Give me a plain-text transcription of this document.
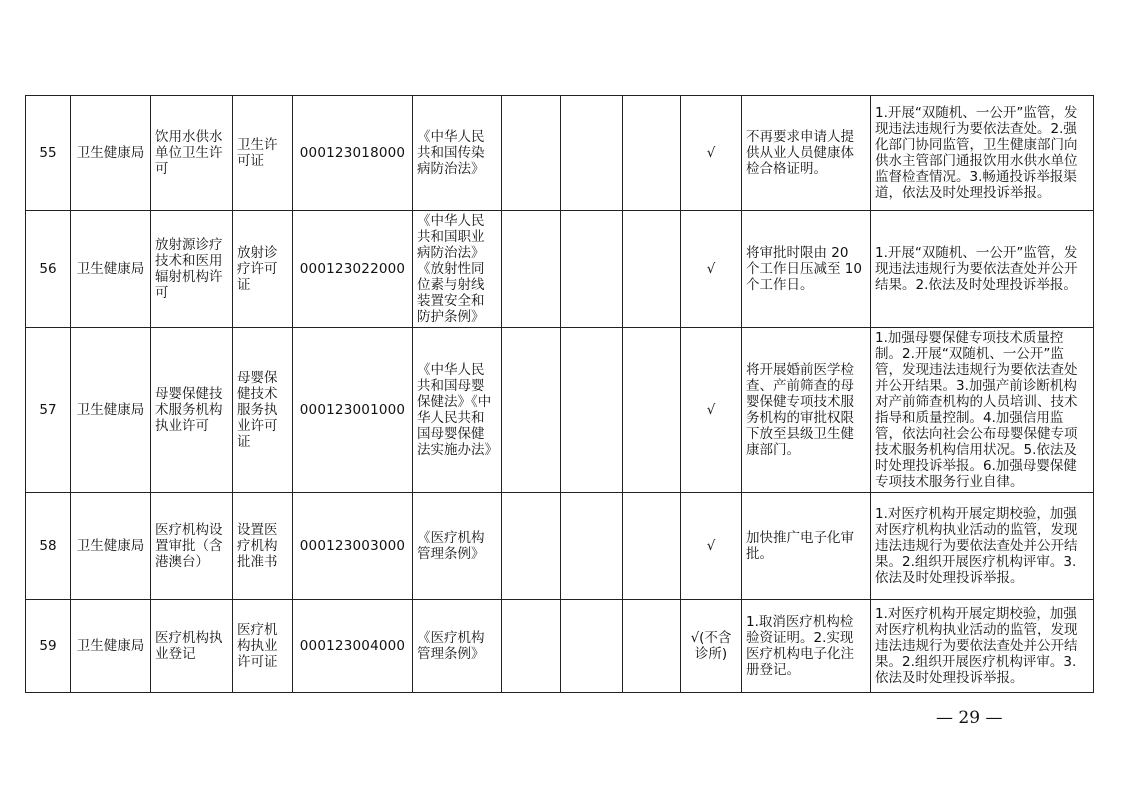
55	卫生健康局	饮用水供水单位卫生许可	卫生许可证	000123018000	《中华人民共和国传染病防治法》				√	不再要求申请人提供从业人员健康体检合格证明。	1.开展“双随机、一公开”监管，发现违法违规行为要依法查处。2.强化部门协同监管，卫生健康部门向供水主管部门通报饮用水供水单位监督检查情况。3.畅通投诉举报渠道，依法及时处理投诉举报。
56	卫生健康局	放射源诊疗技术和医用辐射机构许可	放射诊疗许可证	000123022000	《中华人民共和国职业病防治法》《放射性同位素与射线装置安全和防护条例》				√	将审批时限由 20 个工作日压减至 10 个工作日。	1.开展“双随机、一公开”监管，发现违法违规行为要依法查处并公开结果。2.依法及时处理投诉举报。
57	卫生健康局	母婴保健技术服务机构执业许可	母婴保健技术服务执业许可证	000123001000	《中华人民共和国母婴保健法》《中华人民共和国母婴保健法实施办法》				√	将开展婚前医学检查、产前筛查的母婴保健专项技术服务机构的审批权限下放至县级卫生健康部门。	1.加强母婴保健专项技术质量控制。2.开展“双随机、一公开”监管，发现违法违规行为要依法查处并公开结果。3.加强产前诊断机构对产前筛查机构的人员培训、技术指导和质量控制。4.加强信用监管，依法向社会公布母婴保健专项技术服务机构信用状况。5.依法及时处理投诉举报。6.加强母婴保健专项技术服务行业自律。
58	卫生健康局	医疗机构设置审批（含港澳台）	设置医疗机构批准书	000123003000	《医疗机构管理条例》				√	加快推广电子化审批。	1.对医疗机构开展定期校验，加强对医疗机构执业活动的监管，发现违法违规行为要依法查处并公开结果。2.组织开展医疗机构评审。3.依法及时处理投诉举报。
59	卫生健康局	医疗机构执业登记	医疗机构执业许可证	000123004000	《医疗机构管理条例》				√(不含诊所)	1.取消医疗机构检验资证明。2.实现医疗机构电子化注册登记。	1.对医疗机构开展定期校验，加强对医疗机构执业活动的监管，发现违法违规行为要依法查处并公开结果。2.组织开展医疗机构评审。3.依法及时处理投诉举报。
— 29 —
